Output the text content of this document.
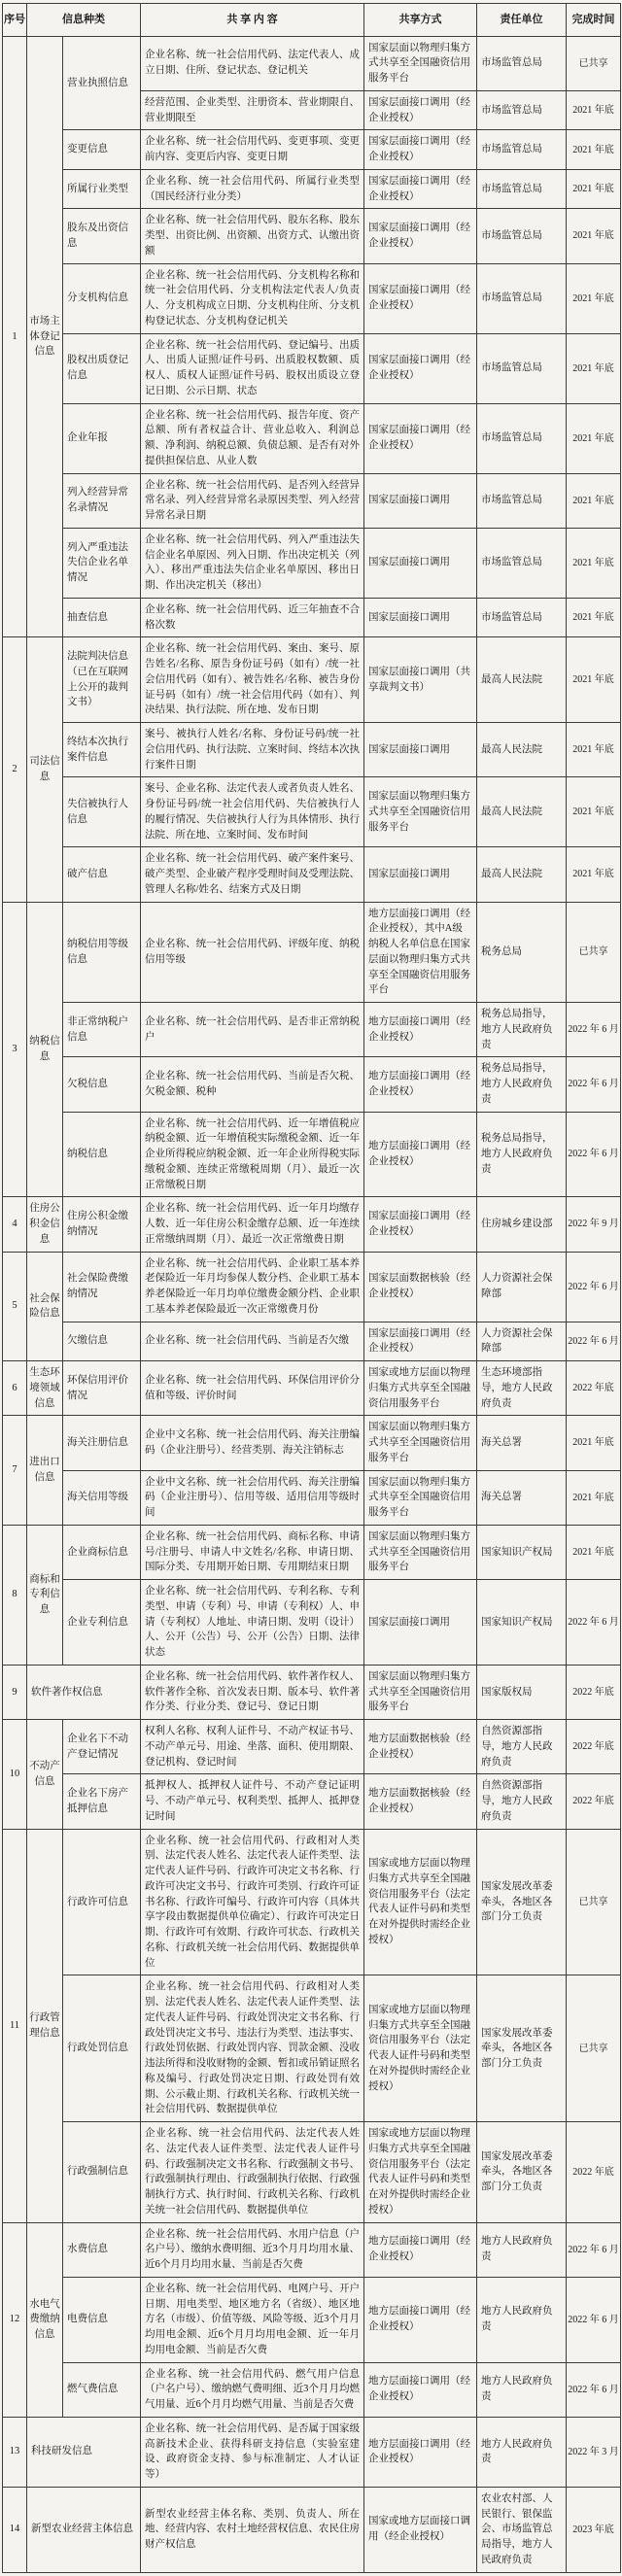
序号	信息种类		共 享 内 容	共享方式	责任单位	完成时间
1	市场主体登记信息	营业执照信息	企业名称、统一社会信用代码、法定代表人、成立日期、住所、登记状态、登记机关	国家层面以物理归集方式共享至全国融资信用服务平台	市场监管总局	已共享
			经营范围、企业类型、注册资本、营业期限自、营业期限至	国家层面接口调用（经企业授权）	市场监管总局	2021 年底
		变更信息	企业名称、统一社会信用代码、变更事项、变更前内容、变更后内容、变更日期	国家层面接口调用（经企业授权）	市场监管总局	2021 年底
		所属行业类型	企业名称、统一社会信用代码、所属行业类型（国民经济行业分类）	国家层面接口调用（经企业授权）	市场监管总局	2021 年底
		股东及出资信息	企业名称、统一社会信用代码、股东名称、股东类型、出资比例、出资额、出资方式、认缴出资额	国家层面接口调用（经企业授权）	市场监管总局	2021 年底
		分支机构信息	企业名称、统一社会信用代码、分支机构名称和统一社会信用代码、分支机构法定代表人/负责人、分支机构成立日期、分支机构住所、分支机构登记状态、分支机构登记机关	国家层面接口调用（经企业授权）	市场监管总局	2021 年底
		股权出质登记信息	企业名称、统一社会信用代码、登记编号、出质人、出质人证照/证件号码、出质股权数额、质权人、质权人证照/证件号码、股权出质设立登记日期、公示日期、状态	国家层面接口调用（经企业授权）	市场监管总局	2021 年底
		企业年报	企业名称、统一社会信用代码、报告年度、资产总额、所有者权益合计、营业总收入、利润总额、净利润、纳税总额、负债总额、是否有对外提供担保信息、从业人数	国家层面接口调用（经企业授权）	市场监管总局	2021 年底
		列入经营异常名录情况	企业名称、统一社会信用代码、是否列入经营异常名录、列入经营异常名录原因类型、列入经营异常名录日期	国家层面接口调用	市场监管总局	2021 年底
		列入严重违法失信企业名单情况	企业名称、统一社会信用代码、列入严重违法失信企业名单原因、列入日期、作出决定机关（列入）、移出严重违法失信企业名单原因、移出日期、作出决定机关（移出）	国家层面接口调用	市场监管总局	2021 年底
		抽查信息	企业名称、统一社会信用代码、近三年抽查不合格次数	国家层面接口调用	市场监管总局	2021 年底
2	司法信息	法院判决信息（已在互联网上公开的裁判文书）	企业名称、统一社会信用代码、案由、案号、原告姓名/名称、原告身份证号码（如有）/统一社会信用代码（如有）、被告姓名/名称、被告身份证号码（如有）/统一社会信用代码（如有）、判决结果、执行法院、所在地、发布日期	国家层面接口调用（共享裁判文书）	最高人民法院	2021 年底
		终结本次执行案件信息	案号、被执行人姓名/名称、身份证号码/统一社会信用代码、执行法院、立案时间、终结本次执行案件日期	国家层面接口调用	最高人民法院	2021 年底
		失信被执行人信息	案号、企业名称、法定代表人或者负责人姓名、身份证号码/统一社会信用代码、失信被执行人的履行情况、失信被执行人行为具体情形、执行法院、所在地、立案时间、发布时间	国家层面以物理归集方式共享至全国融资信用服务平台	最高人民法院	2021 年底
		破产信息	企业名称、统一社会信用代码、破产案件案号、破产类型、企业破产程序受理时间及受理法院、管理人名称/姓名、结案方式及日期	国家层面接口调用	最高人民法院	2021 年底
3	纳税信息	纳税信用等级信息	企业名称、统一社会信用代码、评级年度、纳税信用等级	地方层面接口调用（经企业授权），其中A级纳税人名单信息在国家层面以物理归集方式共享至全国融资信用服务平台	税务总局	已共享
		非正常纳税户信息	企业名称、统一社会信用代码、是否非正常纳税户	地方层面接口调用（经企业授权）	税务总局指导，地方人民政府负责	2022 年 6 月
		欠税信息	企业名称、统一社会信用代码、当前是否欠税、欠税金额、税种	地方层面接口调用（经企业授权）	税务总局指导，地方人民政府负责	2022 年 6 月
		纳税信息	企业名称、统一社会信用代码、近一年增值税应纳税金额、近一年增值税实际缴税金额、近一年企业所得税应纳税金额、近一年企业所得税实际缴税金额、连续正常缴税周期（月）、最近一次正常缴税日期	地方层面接口调用（经企业授权）	税务总局指导，地方人民政府负责	2022 年 6 月
4	住房公积金信息	住房公积金缴纳情况	企业名称、统一社会信用代码、近一年月均缴存人数、近一年住房公积金缴存总额、近一年连续正常缴纳周期（月）、最近一次正常缴费日期	国家层面接口调用（经企业授权）	住房城乡建设部	2022 年 9 月
5	社会保险信息	社会保险费缴纳情况	企业名称、统一社会信用代码、企业职工基本养老保险近一年月均参保人数分档、企业职工基本养老保险近一年月均单位缴费金额分档、企业职工基本养老保险最近一次正常缴费月份	国家层面数据核验（经企业授权）	人力资源社会保障部	2022 年 6 月
		欠缴信息	企业名称、统一社会信用代码、当前是否欠缴	国家层面接口调用（经企业授权）	人力资源社会保障部	2022 年 6 月
6	生态环境领域信息	环保信用评价情况	企业名称、统一社会信用代码、环保信用评价分值和等级、评价时间	国家或地方层面以物理归集方式共享至全国融资信用服务平台	生态环境部指导，地方人民政府负责	2022 年底
7	进出口信息	海关注册信息	企业中文名称、统一社会信用代码、海关注册编码（企业注册号）、经营类别、海关注销标志	国家层面以物理归集方式共享至全国融资信用服务平台	海关总署	2021 年底
		海关信用等级	企业中文名称、统一社会信用代码、海关注册编码（企业注册号）、信用等级、适用信用等级时间	国家层面以物理归集方式共享至全国融资信用服务平台	海关总署	2021 年底
8	商标和专利信息	企业商标信息	企业名称、统一社会信用代码、商标名称、申请号/注册号、申请人中文姓名/名称、申请日期、国际分类、专用期开始日期、专用期结束日期	国家层面以物理归集方式共享至全国融资信用服务平台	国家知识产权局	2021 年底
		企业专利信息	企业名称、统一社会信用代码、专利名称、专利类型、申请（专利）号、申请（专利权）人、申请（专利权）人地址、申请日期、发明（设计）人、公开（公告）号、公开（公告）日期、法律状态	国家层面接口调用	国家知识产权局	2022 年 6 月
9	软件著作权信息		企业名称、统一社会信用代码、软件著作权人、软件著作全称、首次发表日期、版本号、软件著作分类、行业分类、登记号、登记日期	国家层面以物理归集方式共享至全国融资信用服务平台	国家版权局	2022 年底
10	不动产信息	企业名下不动产登记情况	权利人名称、权利人证件号、不动产权证书号、不动产单元号、用途、坐落、面积、使用期限、登记机构、登记时间	地方层面数据核验（经企业授权）	自然资源部指导，地方人民政府负责	2022 年底
		企业名下房产抵押信息	抵押权人、抵押权人证件号、不动产登记证明号、不动产单元号、权利类型、抵押人、抵押登记时间	地方层面数据核验（经企业授权）	自然资源部指导，地方人民政府负责	2022 年底
11	行政管理信息	行政许可信息	企业名称、统一社会信用代码、行政相对人类别、法定代表人姓名、法定代表人证件类型、法定代表人证件号码、行政许可决定文书名称、行政许可决定文书号、行政许可类别、行政许可证书名称、行政许可编号、行政许可内容（具体共享字段由数据提供单位确定）、行政许可决定日期、行政许可有效期、行政许可状态、行政机关名称、行政机关统一社会信用代码、数据提供单位	国家或地方层面以物理归集方式共享至全国融资信用服务平台（法定代表人证件号码和类型在对外提供时需经企业授权）	国家发展改革委牵头，各地区各部门分工负责	已共享
		行政处罚信息	企业名称、统一社会信用代码、行政相对人类别、法定代表人姓名、法定代表人证件类型、法定代表人证件号码、行政处罚决定文书名称、行政处罚决定文书号、违法行为类型、违法事实、行政处罚依据、行政处罚内容、罚款金额、没收违法所得和没收财物的金额、暂扣或吊销证照名称及编号、行政处罚决定日期、行政处罚有效期、公示截止期、行政机关名称、行政机关统一社会信用代码、数据提供单位	国家或地方层面以物理归集方式共享至全国融资信用服务平台（法定代表人证件号码和类型在对外提供时需经企业授权）	国家发展改革委牵头，各地区各部门分工负责	已共享
		行政强制信息	企业名称、统一社会信用代码、法定代表人姓名、法定代表人证件类型、法定代表人证件号码、行政强制决定文书名称、行政强制文书号、行政强制执行理由、行政强制执行依据、行政强制执行方式、执行时间、行政机关名称、行政机关统一社会信用代码、数据提供单位	国家或地方层面以物理归集方式共享至全国融资信用服务平台（法定代表人证件号码和类型在对外提供时需经企业授权）	国家发展改革委牵头，各地区各部门分工负责	2022 年底
12	水电气费缴纳信息	水费信息	企业名称、统一社会信用代码、水用户信息（户名户号）、缴纳水费明细、近3个月月均用水量、近6个月月均用水量、当前是否欠费	地方层面接口调用（经企业授权）	地方人民政府负责	2022 年 6 月
		电费信息	企业名称、统一社会信用代码、电网户号、开户日期、用电类型、地区地方名（省级）、地区地方名（市级）、价值等级、风险等级、近3个月月均用电金额、近6个月月均用电金额、近一年月均用电金额、当前是否欠费	地方层面接口调用（经企业授权）	地方人民政府负责	2022 年 6 月
		燃气费信息	企业名称、统一社会信用代码、燃气用户信息（户名户号）、缴纳燃气费明细、近3个月月均燃气用量、近6个月月均燃气用量、当前是否欠费	地方层面接口调用（经企业授权）	地方人民政府负责	2022 年 6 月
13	科技研发信息		企业名称、统一社会信用代码、是否属于国家级高新技术企业、获得科研支持信息（实验室建设、政府资金支持、参与标准制定、人才认证等）	地方层面接口调用（经企业授权）	地方人民政府负责	2022 年 3 月
14	新型农业经营主体信息		新型农业经营主体名称、类别、负责人、所在地、经营内容、农村土地经营权信息、农民住房财产权信息	国家或地方层面接口调用（经企业授权）	农业农村部、人民银行、银保监会、市场监管总局指导，地方人民政府负责	2023 年底
